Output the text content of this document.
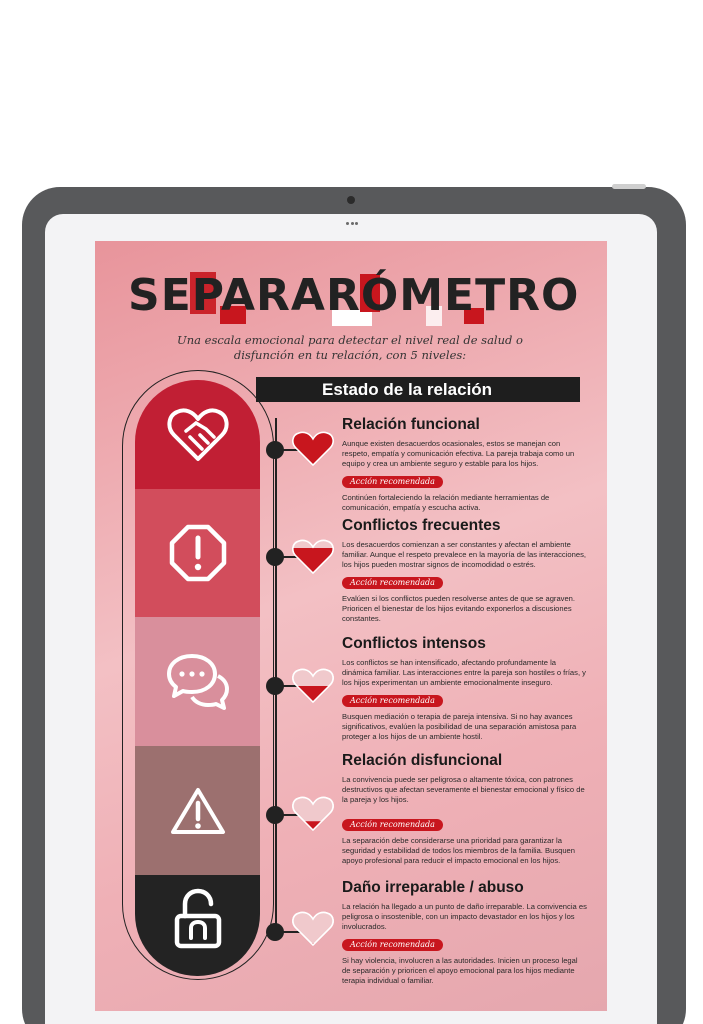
SEPARARÓMETRO
Una escala emocional para detectar el nivel real de salud o disfunción en tu relación, con 5 niveles:
Estado de la relación
Relación funcional

Aunque existen desacuerdos ocasionales, estos se manejan con respeto, empatía y comunicación efectiva. La pareja trabaja como un equipo y crea un ambiente seguro y estable para los hijos.

Acción recomendada

Continúen fortaleciendo la relación mediante herramientas de comunicación, empatía y escucha activa.

Conflictos frecuentes

Los desacuerdos comienzan a ser constantes y afectan el ambiente familiar. Aunque el respeto prevalece en la mayoría de las interacciones, los hijos pueden mostrar signos de incomodidad o estrés.

Acción recomendada

Evalúen si los conflictos pueden resolverse antes de que se agraven. Prioricen el bienestar de los hijos evitando exponerlos a discusiones constantes.

Conflictos intensos

Los conflictos se han intensificado, afectando profundamente la dinámica familiar. Las interacciones entre la pareja son hostiles o frías, y los hijos experimentan un ambiente emocionalmente inseguro.

Acción recomendada

Busquen mediación o terapia de pareja intensiva. Si no hay avances significativos, evalúen la posibilidad de una separación amistosa para proteger a los hijos de un ambiente hostil.

Relación disfuncional

La convivencia puede ser peligrosa o altamente tóxica, con patrones destructivos que afectan severamente el bienestar emocional y físico de la pareja y los hijos.

Acción recomendada

La separación debe considerarse una prioridad para garantizar la seguridad y estabilidad de todos los miembros de la familia. Busquen apoyo profesional para reducir el impacto emocional en los hijos.

Daño irreparable / abuso

La relación ha llegado a un punto de daño irreparable. La convivencia es peligrosa o insostenible, con un impacto devastador en los hijos y los involucrados.

Acción recomendada

Si hay violencia, involucren a las autoridades. Inicien un proceso legal de separación y prioricen el apoyo emocional para los hijos mediante terapia individual o familiar.
